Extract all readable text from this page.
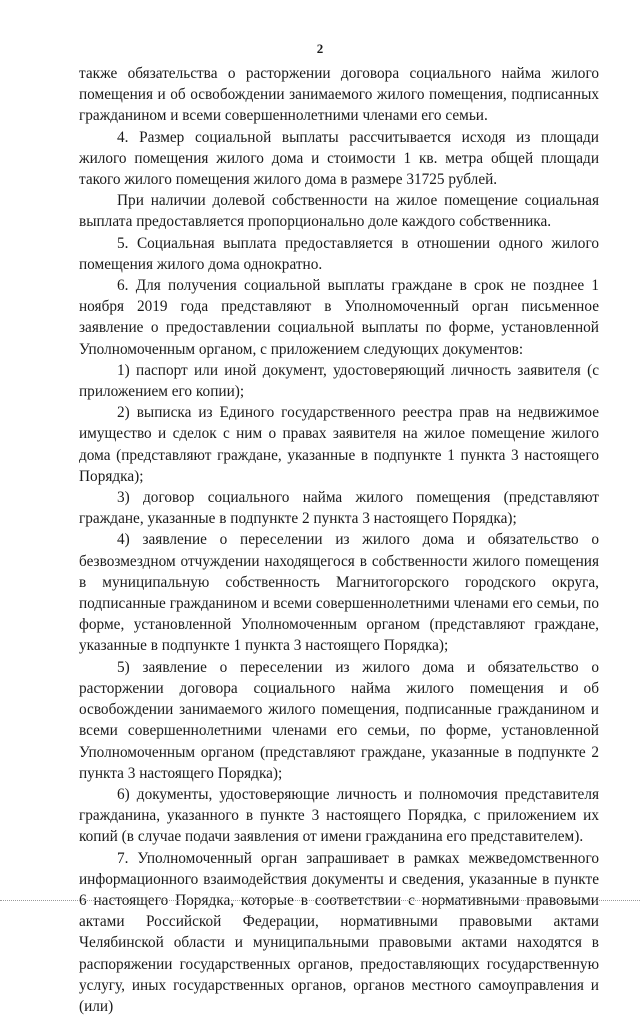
2

также обязательства о расторжении договора социального найма жилого помещения и об освобождении занимаемого жилого помещения, подписанных гражданином и всеми совершеннолетними членами его семьи.

4. Размер социальной выплаты рассчитывается исходя из площади жилого помещения жилого дома и стоимости 1 кв. метра общей площади такого жилого помещения жилого дома в размере 31725 рублей.

При наличии долевой собственности на жилое помещение социальная выплата предоставляется пропорционально доле каждого собственника.

5. Социальная выплата предоставляется в отношении одного жилого помещения жилого дома однократно.

6. Для получения социальной выплаты граждане в срок не позднее 1 ноября 2019 года представляют в Уполномоченный орган письменное заявление о предоставлении социальной выплаты по форме, установленной Уполномоченным органом, с приложением следующих документов:

1) паспорт или иной документ, удостоверяющий личность заявителя (с приложением его копии);

2) выписка из Единого государственного реестра прав на недвижимое имущество и сделок с ним о правах заявителя на жилое помещение жилого дома (представляют граждане, указанные в подпункте 1 пункта 3 настоящего Порядка);

3) договор социального найма жилого помещения (представляют граждане, указанные в подпункте 2 пункта 3 настоящего Порядка);

4) заявление о переселении из жилого дома и обязательство о безвозмездном отчуждении находящегося в собственности жилого помещения в муниципальную собственность Магнитогорского городского округа, подписанные гражданином и всеми совершеннолетними членами его семьи, по форме, установленной Уполномоченным органом (представляют граждане, указанные в подпункте 1 пункта 3 настоящего Порядка);

5) заявление о переселении из жилого дома и обязательство о расторжении договора социального найма жилого помещения и об освобождении занимаемого жилого помещения, подписанные гражданином и всеми совершеннолетними членами его семьи, по форме, установленной Уполномоченным органом (представляют граждане, указанные в подпункте 2 пункта 3 настоящего Порядка);

6) документы, удостоверяющие личность и полномочия представителя гражданина, указанного в пункте 3 настоящего Порядка, с приложением их копий (в случае подачи заявления от имени гражданина его представителем).

7. Уполномоченный орган запрашивает в рамках межведомственного информационного взаимодействия документы и сведения, указанные в пункте 6 настоящего Порядка, которые в соответствии с нормативными правовыми актами Российской Федерации, нормативными правовыми актами Челябинской области и муниципальными правовыми актами находятся в распоряжении государственных органов, предоставляющих государственную услугу, иных государственных органов, органов местного самоуправления и (или)
